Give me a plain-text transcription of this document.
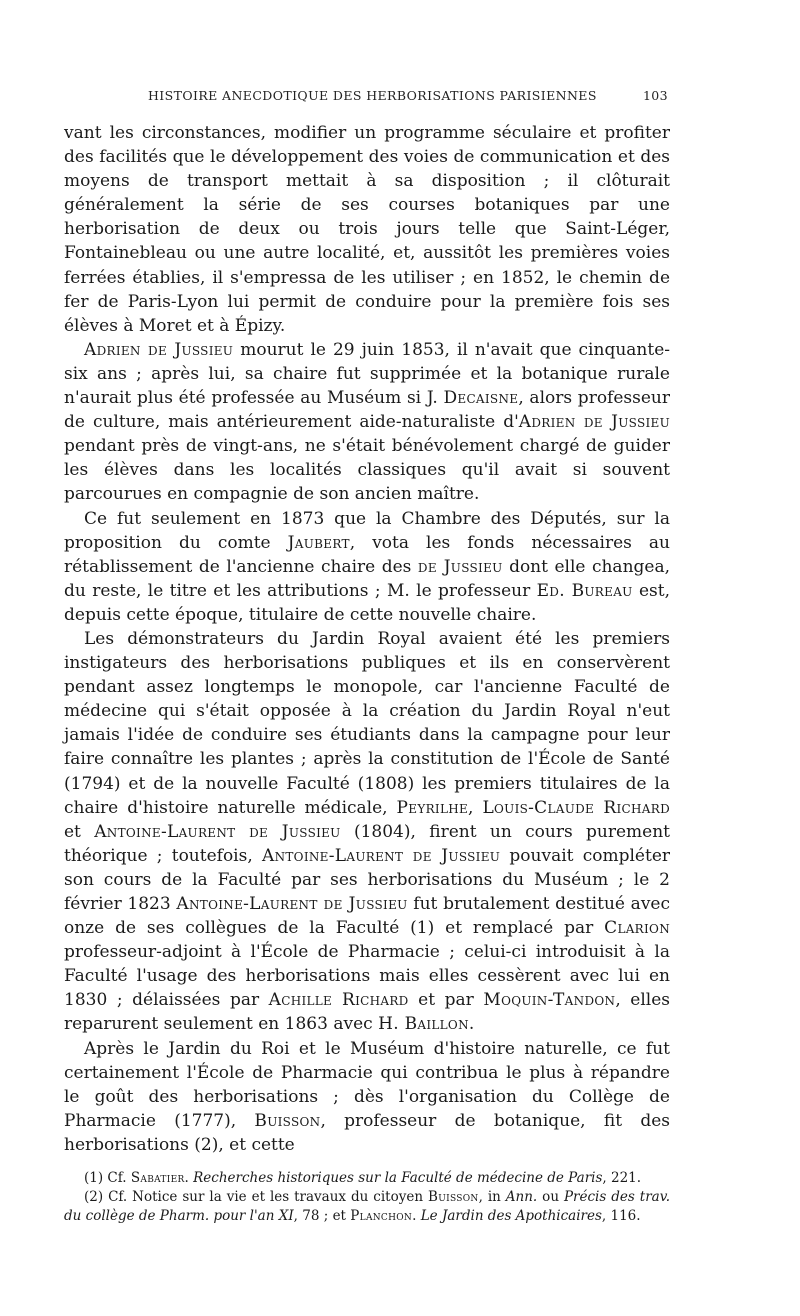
HISTOIRE ANECDOTIQUE DES HERBORISATIONS PARISIENNES	103

vant les circonstances, modifier un programme séculaire et profiter des facilités que le développement des voies de communication et des moyens de transport mettait à sa disposition ; il clôturait généralement la série de ses courses botaniques par une herborisation de deux ou trois jours telle que Saint-Léger, Fontainebleau ou une autre localité, et, aussitôt les premières voies ferrées établies, il s'empressa de les utiliser ; en 1852, le chemin de fer de Paris-Lyon lui permit de conduire pour la première fois ses élèves à Moret et à Épizy.

Adrien de Jussieu mourut le 29 juin 1853, il n'avait que cinquante-six ans ; après lui, sa chaire fut supprimée et la botanique rurale n'aurait plus été professée au Muséum si J. Decaisne, alors professeur de culture, mais antérieurement aide-naturaliste d'Adrien de Jussieu pendant près de vingt-ans, ne s'était bénévolement chargé de guider les élèves dans les localités classiques qu'il avait si souvent parcourues en compagnie de son ancien maître.

Ce fut seulement en 1873 que la Chambre des Députés, sur la proposition du comte Jaubert, vota les fonds nécessaires au rétablissement de l'ancienne chaire des de Jussieu dont elle changea, du reste, le titre et les attributions ; M. le professeur Ed. Bureau est, depuis cette époque, titulaire de cette nouvelle chaire.

Les démonstrateurs du Jardin Royal avaient été les premiers instigateurs des herborisations publiques et ils en conservèrent pendant assez longtemps le monopole, car l'ancienne Faculté de médecine qui s'était opposée à la création du Jardin Royal n'eut jamais l'idée de conduire ses étudiants dans la campagne pour leur faire connaître les plantes ; après la constitution de l'École de Santé (1794) et de la nouvelle Faculté (1808) les premiers titulaires de la chaire d'histoire naturelle médicale, Peyrilhe, Louis-Claude Richard et Antoine-Laurent de Jussieu (1804), firent un cours purement théorique ; toutefois, Antoine-Laurent de Jussieu pouvait compléter son cours de la Faculté par ses herborisations du Muséum ; le 2 février 1823 Antoine-Laurent de Jussieu fut brutalement destitué avec onze de ses collègues de la Faculté (1) et remplacé par Clarion professeur-adjoint à l'École de Pharmacie ; celui-ci introduisit à la Faculté l'usage des herborisations mais elles cessèrent avec lui en 1830 ; délaissées par Achille Richard et par Moquin-Tandon, elles reparurent seulement en 1863 avec H. Baillon.

Après le Jardin du Roi et le Muséum d'histoire naturelle, ce fut certainement l'École de Pharmacie qui contribua le plus à répandre le goût des herborisations ; dès l'organisation du Collège de Pharmacie (1777), Buisson, professeur de botanique, fit des herborisations (2), et cette

(1) Cf. Sabatier. Recherches historiques sur la Faculté de médecine de Paris, 221.

(2) Cf. Notice sur la vie et les travaux du citoyen Buisson, in Ann. ou Précis des trav. du collège de Pharm. pour l'an XI, 78 ; et Planchon. Le Jardin des Apothicaires, 116.
